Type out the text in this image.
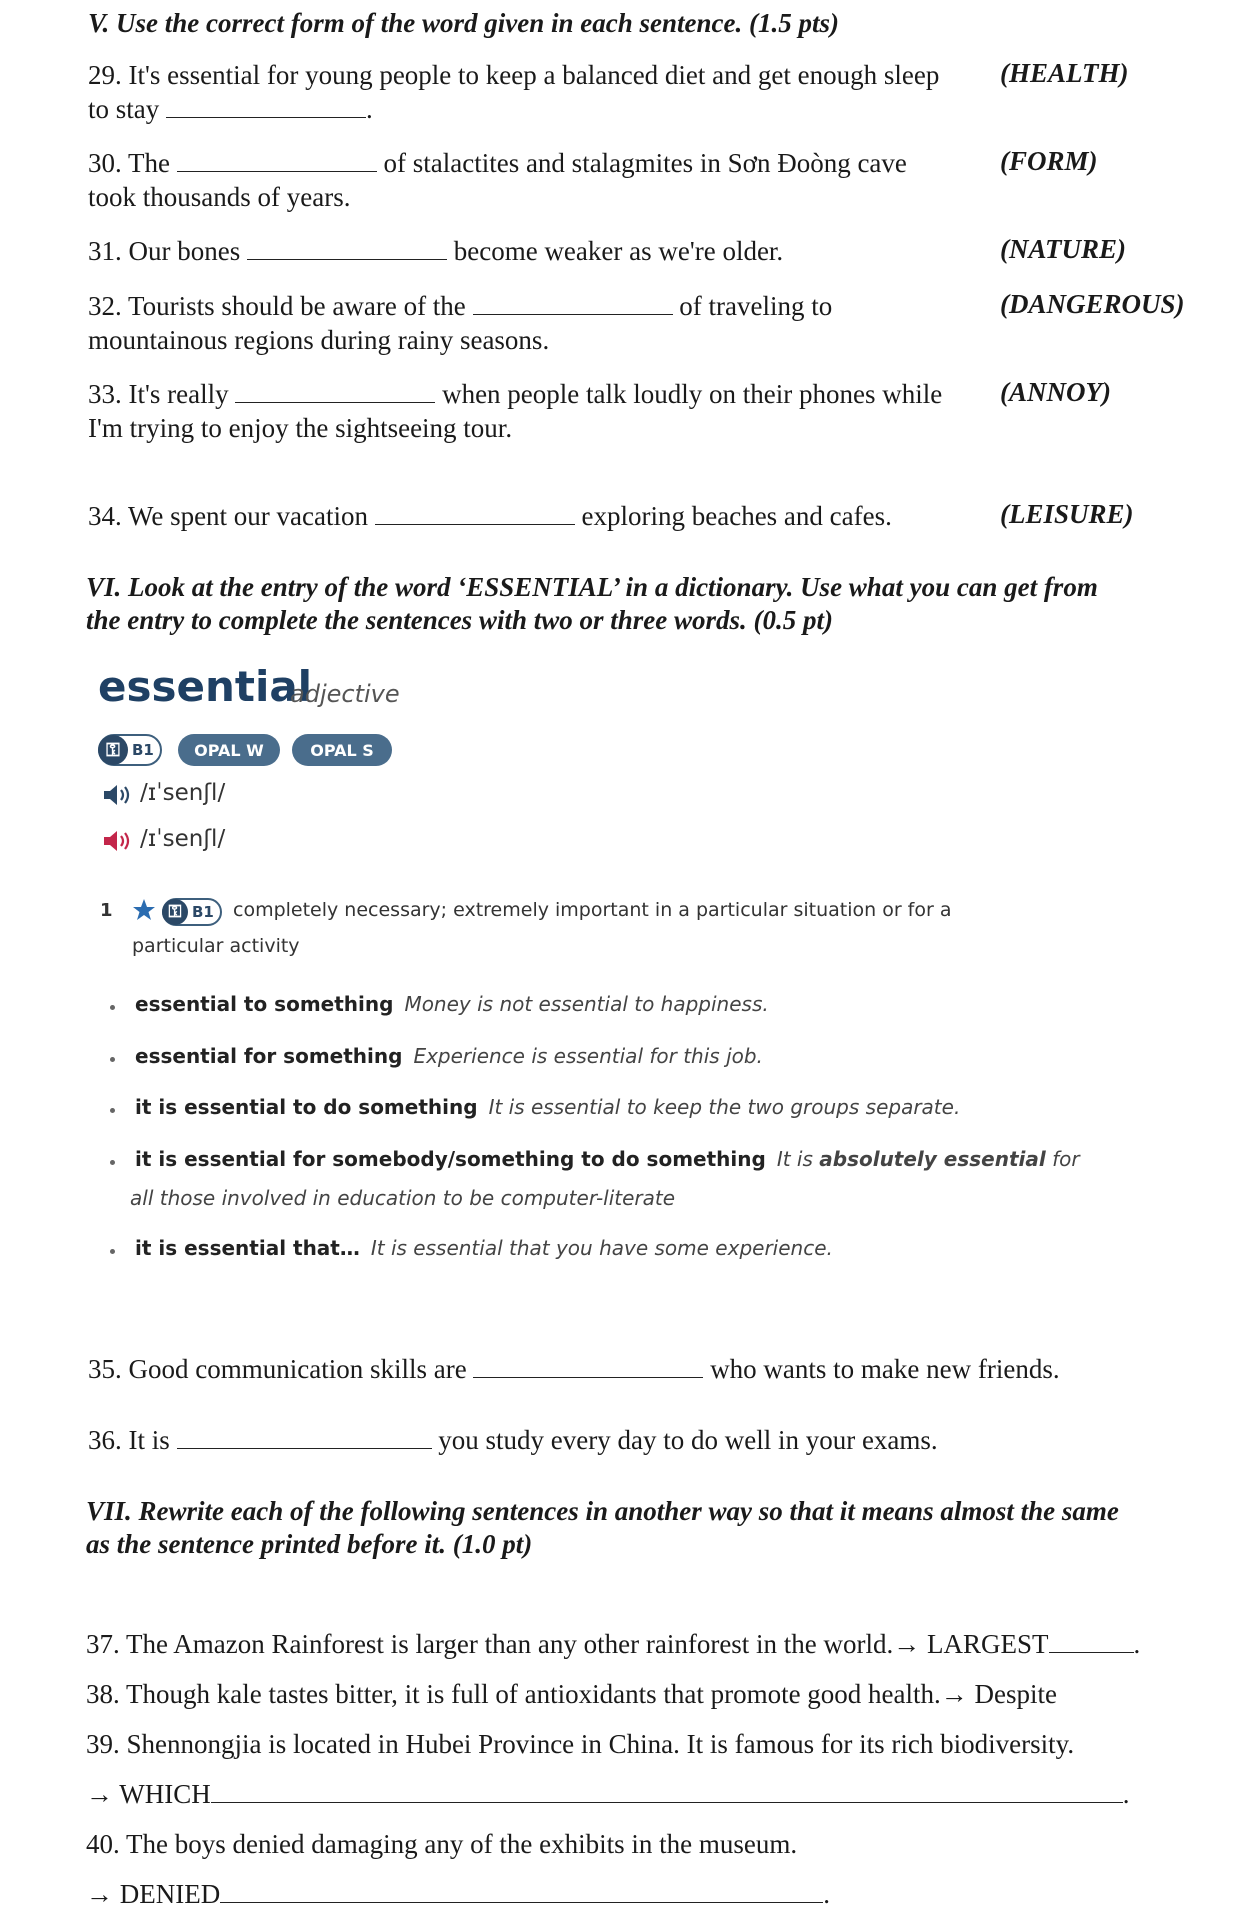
V. Use the correct form of the word given in each sentence. (1.5 pts)
29. It's essential for young people to keep a balanced diet and get enough sleep (HEALTH)
to stay	.
30. The	of stalactites and stalagmites in Sơn Đoòng cave	(FORM)
took thousands of years.
31. Our bones	become weaker as we're older.	(NATURE)
32. Tourists should be aware of the	of traveling to	(DANGEROUS)
mountainous regions during rainy seasons.
33. It's really	when people talk loudly on their phones while (ANNOY)
I'm trying to enjoy the sightseeing tour.
34. We spent our vacation	exploring beaches and cafes.	(LEISURE)
VI. Look at the entry of the word ‘ESSENTIAL’ in a dictionary. Use what you can get from
the entry to complete the sentences with two or three words. (0.5 pt)
essential
adjective
⚿ B1	OPAL W	OPAL S
/ɪˈsenʃl/
/ɪˈsenʃl/
1	⚿ B1 completely necessary; extremely important in a particular situation or for a
particular activity
essential to something Money is not essential to happiness.
essential for something Experience is essential for this job.
it is essential to do something It is essential to keep the two groups separate.
it is essential for somebody/something to do something It is absolutely essential for
all those involved in education to be computer-literate
it is essential that… It is essential that you have some experience.
35. Good communication skills are	who wants to make new friends.
36. It is	you study every day to do well in your exams.
VII. Rewrite each of the following sentences in another way so that it means almost the same
as the sentence printed before it. (1.0 pt)
37. The Amazon Rainforest is larger than any other rainforest in the world.→ LARGEST	.
38. Though kale tastes bitter, it is full of antioxidants that promote good health.→ Despite
39. Shennongjia is located in Hubei Province in China. It is famous for its rich biodiversity.
→ WHICH	.
40. The boys denied damaging any of the exhibits in the museum.
→ DENIED	.
